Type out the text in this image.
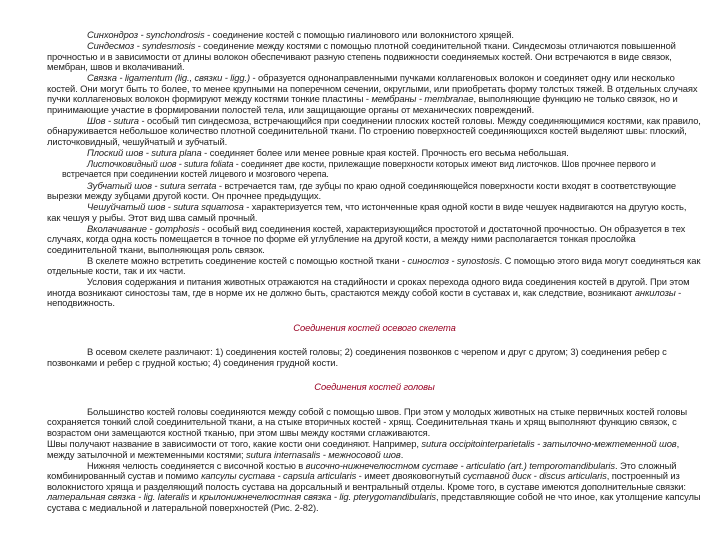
Синхондроз - synchondrosis - соединение костей с помощью гиалинового или волокнистого хрящей.

Синдесмоз - syndesmosis - соединение между костями с помощью плотной соединительной ткани. Синдесмозы отличаются повышенной прочностью и в зависимости от длины волокон обеспечивают разную степень подвижности соединяемых костей. Они встречаются в виде связок, мембран, швов и вколачиваний.

Связка - ligamentum (lig., связки - ligg.) - образуется однонаправленными пучками коллагеновых волокон и соединяет одну или несколько костей. Они могут быть то более, то менее крупными на поперечном сечении, округлыми, или приобретать форму толстых тяжей. В отдельных случаях пучки коллагеновых волокон формируют между костями тонкие пластины - мембраны - membranae, выполняющие функцию не только связок, но и принимающие участие в формировании полостей тела, или защищающие органы от механических повреждений.

Шов - sutura - особый тип синдесмоза, встречающийся при соединении плоских костей головы. Между соединяющимися костями, как правило, обнаруживается небольшое количество плотной соединительной ткани. По строению поверхностей соединяющихся костей выделяют швы: плоский, листочковидный, чешуйчатый и зубчатый.

Плоский шов - sutura plana - соединяет более или менее ровные края костей. Прочность его весьма небольшая.

Листочковидный шов - sutura foliata - соединяет две кости, прилежащие поверхности которых имеют вид листочков. Шов прочнее первого и встречается при соединении костей лицевого и мозгового черепа.

Зубчатый шов - sutura serrata - встречается там, где зубцы по краю одной соединяющейся поверхности кости входят в соответствующие вырезки между зубцами другой кости. Он прочнее предыдущих.

Чешуйчатый шов - sutura squamosa - характеризуется тем, что истонченные края одной кости в виде чешуек надвигаются на другую кость, как чешуя у рыбы. Этот вид шва самый прочный.

Вколачивание - gomphosis - особый вид соединения костей, характеризующийся простотой и достаточной прочностью. Он образуется в тех случаях, когда одна кость помещается в точное по форме ей углубление на другой кости, а между ними располагается тонкая прослойка соединительной ткани, выполняющая роль связок.

В скелете можно встретить соединение костей с помощью костной ткани - синостоз - synostosis. С помощью этого вида могут соединяться как отдельные кости, так и их части.

Условия содержания и питания животных отражаются на стадийности и сроках перехода одного вида соединения костей в другой. При этом иногда возникают синостозы там, где в норме их не должно быть, срастаются между собой кости в суставах и, как следствие, возникают анкилозы - неподвижность.

Соединения костей осевого скелета

В осевом скелете различают: 1) соединения костей головы; 2) соединения позвонков с черепом и друг с другом; 3) соединения ребер с позвонками и ребер с грудной костью; 4) соединения грудной кости.

Соединения костей головы

Большинство костей головы соединяются между собой с помощью швов. При этом у молодых животных на стыке первичных костей головы сохраняется тонкий слой соединительной ткани, а на стыке вторичных костей - хрящ. Соединительная ткань и хрящ выполняют функцию связок, с возрастом они замещаются костной тканью, при этом швы между костями сглаживаются.

Швы получают название в зависимости от того, какие кости они соединяют. Например, sutura occipitointerparietalis - затылочно-межтеменной шов, между затылочной и межтеменными костями; sutura internasalis - межносовой шов.

Нижняя челюсть соединяется с височной костью в височно-нижнечелюстном суставе - articulatio (art.) temporomandibularis. Это сложный комбинированный сустав и помимо капсулы сустава - capsula articularis - имеет двояковогнутый суставной диск - discus articularis, построенный из волокнистого хряща и разделяющий полость сустава на дорсальный и вентральный отделы. Кроме того, в суставе имеются дополнительные связки: латеральная связка - lig. lateralis и крылонижнечелюстная связка - lig. pterygomandibularis, представляющие собой не что иное, как утолщение капсулы сустава с медиальной и латеральной поверхностей (Рис. 2-82).
